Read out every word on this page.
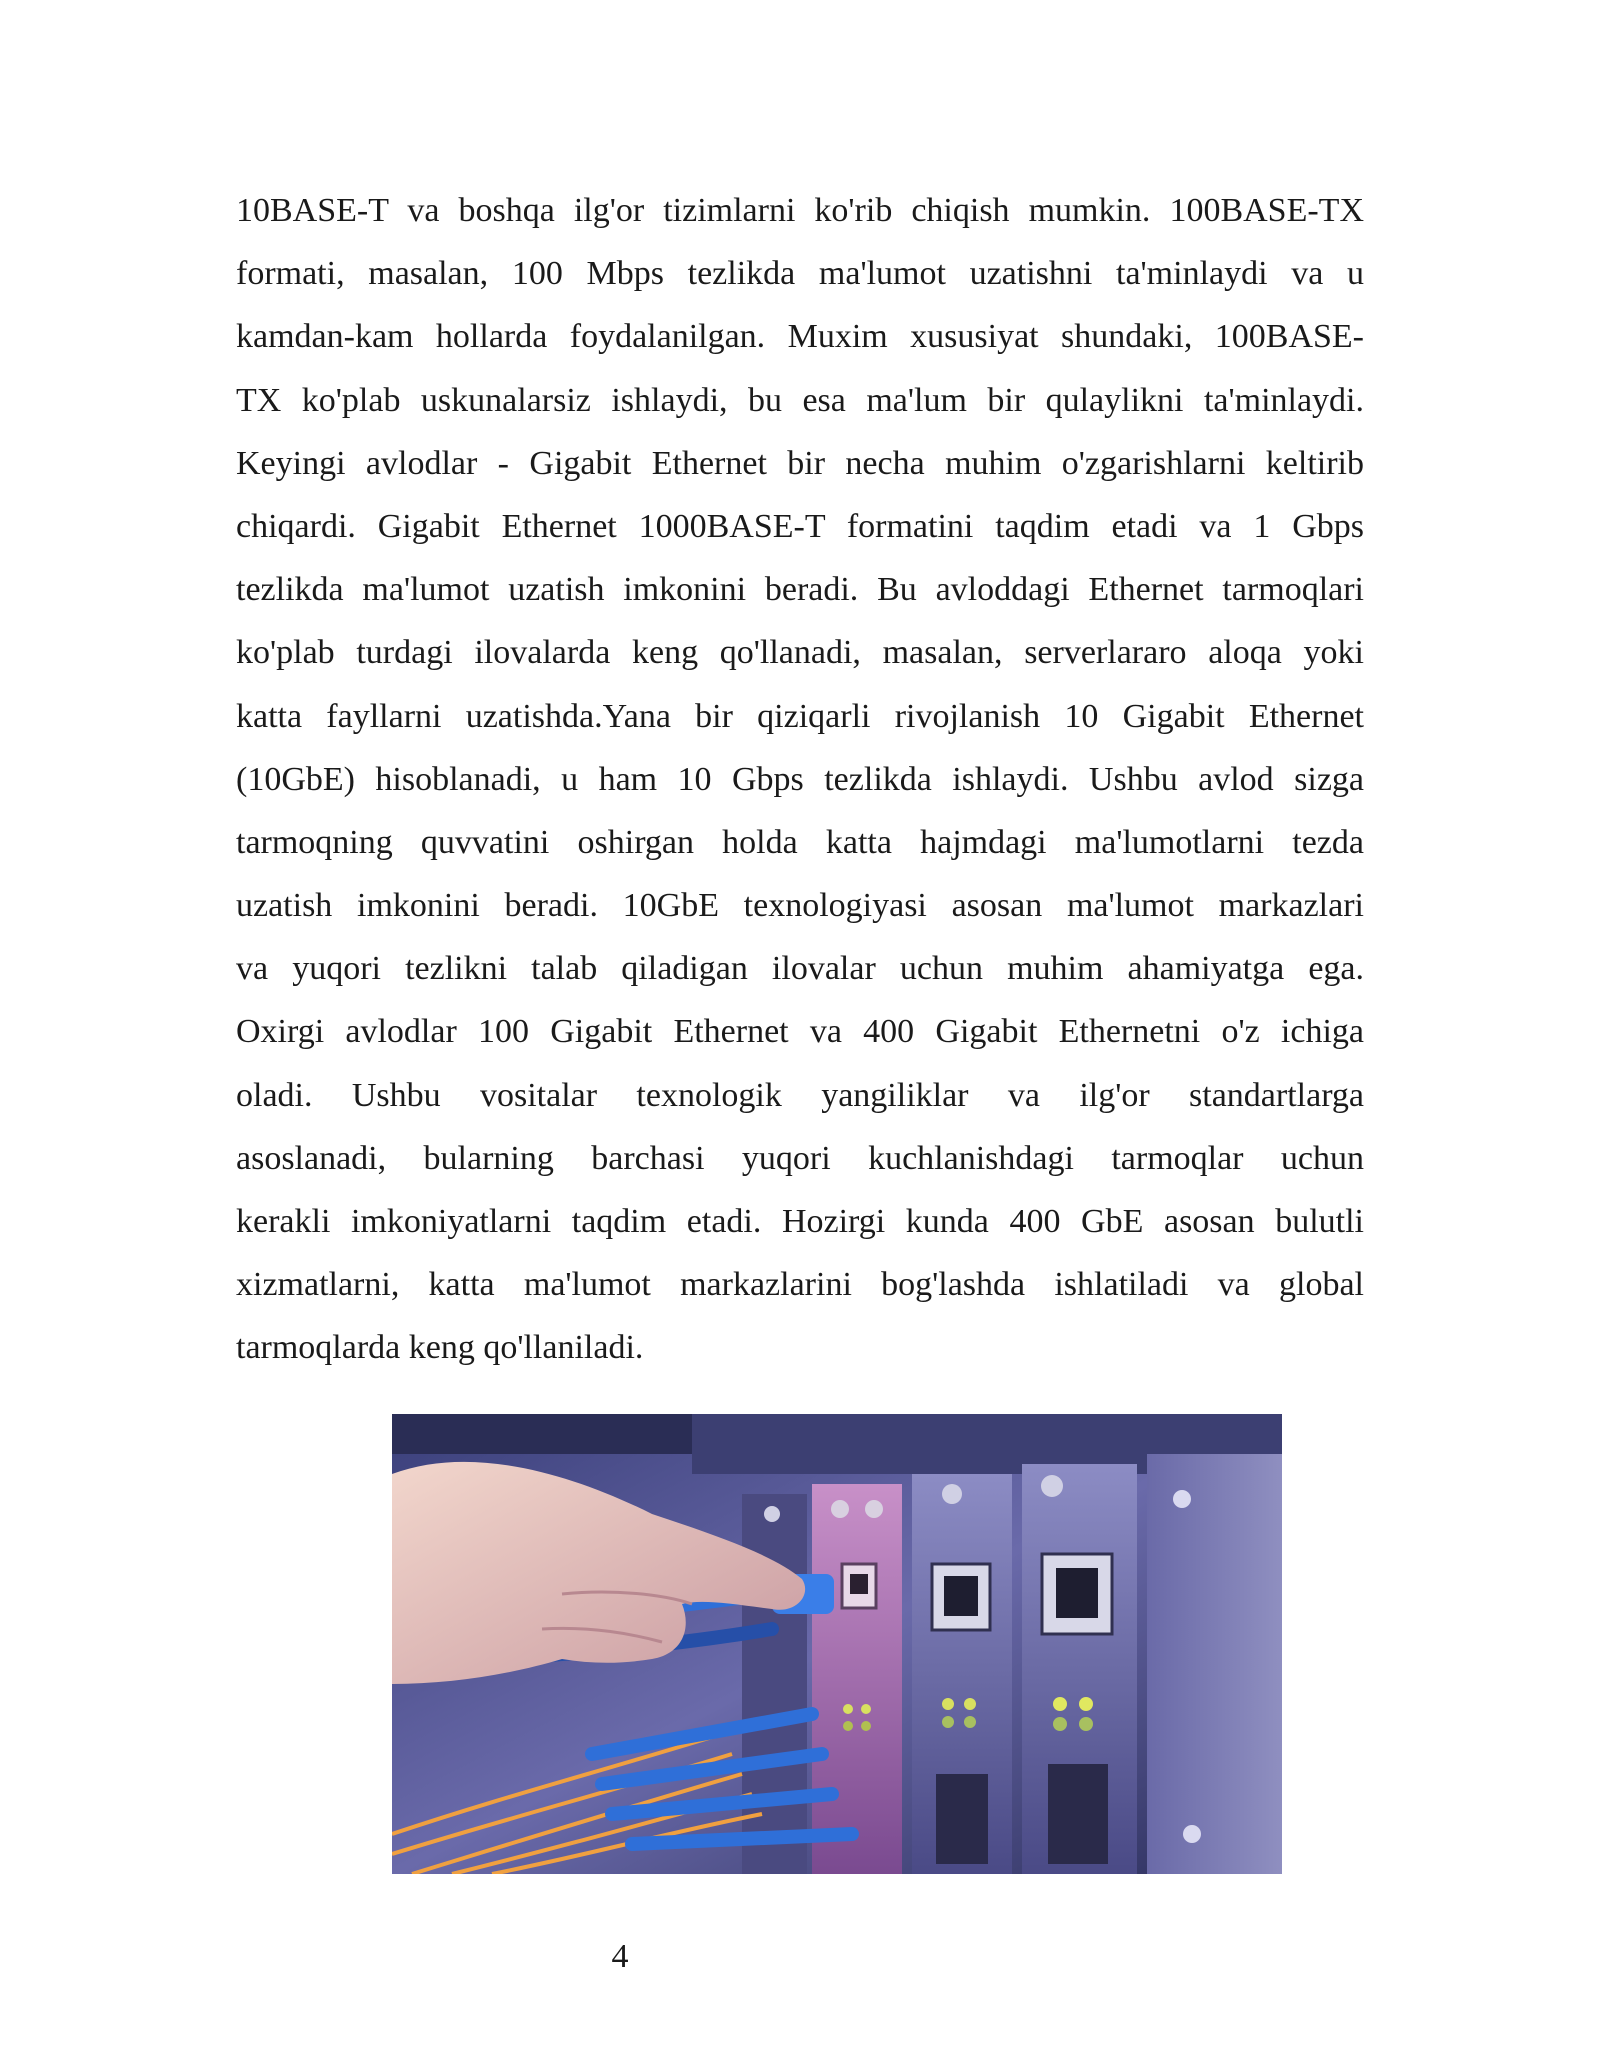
10BASE-T va boshqa ilg'or tizimlarni ko'rib chiqish mumkin. 100BASE-TX
formati, masalan, 100 Mbps tezlikda ma'lumot uzatishni ta'minlaydi va u
kamdan-kam hollarda foydalanilgan. Muxim xususiyat shundaki, 100BASE-
TX ko'plab uskunalarsiz ishlaydi, bu esa ma'lum bir qulaylikni ta'minlaydi.
Keyingi avlodlar - Gigabit Ethernet bir necha muhim o'zgarishlarni keltirib
chiqardi. Gigabit Ethernet 1000BASE-T formatini taqdim etadi va 1 Gbps
tezlikda ma'lumot uzatish imkonini beradi. Bu avloddagi Ethernet tarmoqlari
ko'plab turdagi ilovalarda keng qo'llanadi, masalan, serverlararo aloqa yoki
katta fayllarni uzatishda.Yana bir qiziqarli rivojlanish 10 Gigabit Ethernet
(10GbE) hisoblanadi, u ham 10 Gbps tezlikda ishlaydi. Ushbu avlod sizga
tarmoqning quvvatini oshirgan holda katta hajmdagi ma'lumotlarni tezda
uzatish imkonini beradi. 10GbE texnologiyasi asosan ma'lumot markazlari
va yuqori tezlikni talab qiladigan ilovalar uchun muhim ahamiyatga ega.
Oxirgi avlodlar 100 Gigabit Ethernet va 400 Gigabit Ethernetni o'z ichiga
oladi. Ushbu vositalar texnologik yangiliklar va ilg'or standartlarga
asoslanadi, bularning barchasi yuqori kuchlanishdagi tarmoqlar uchun
kerakli imkoniyatlarni taqdim etadi. Hozirgi kunda 400 GbE asosan bulutli
xizmatlarni, katta ma'lumot markazlarini bog'lashda ishlatiladi va global
tarmoqlarda keng qo'llaniladi.
4
